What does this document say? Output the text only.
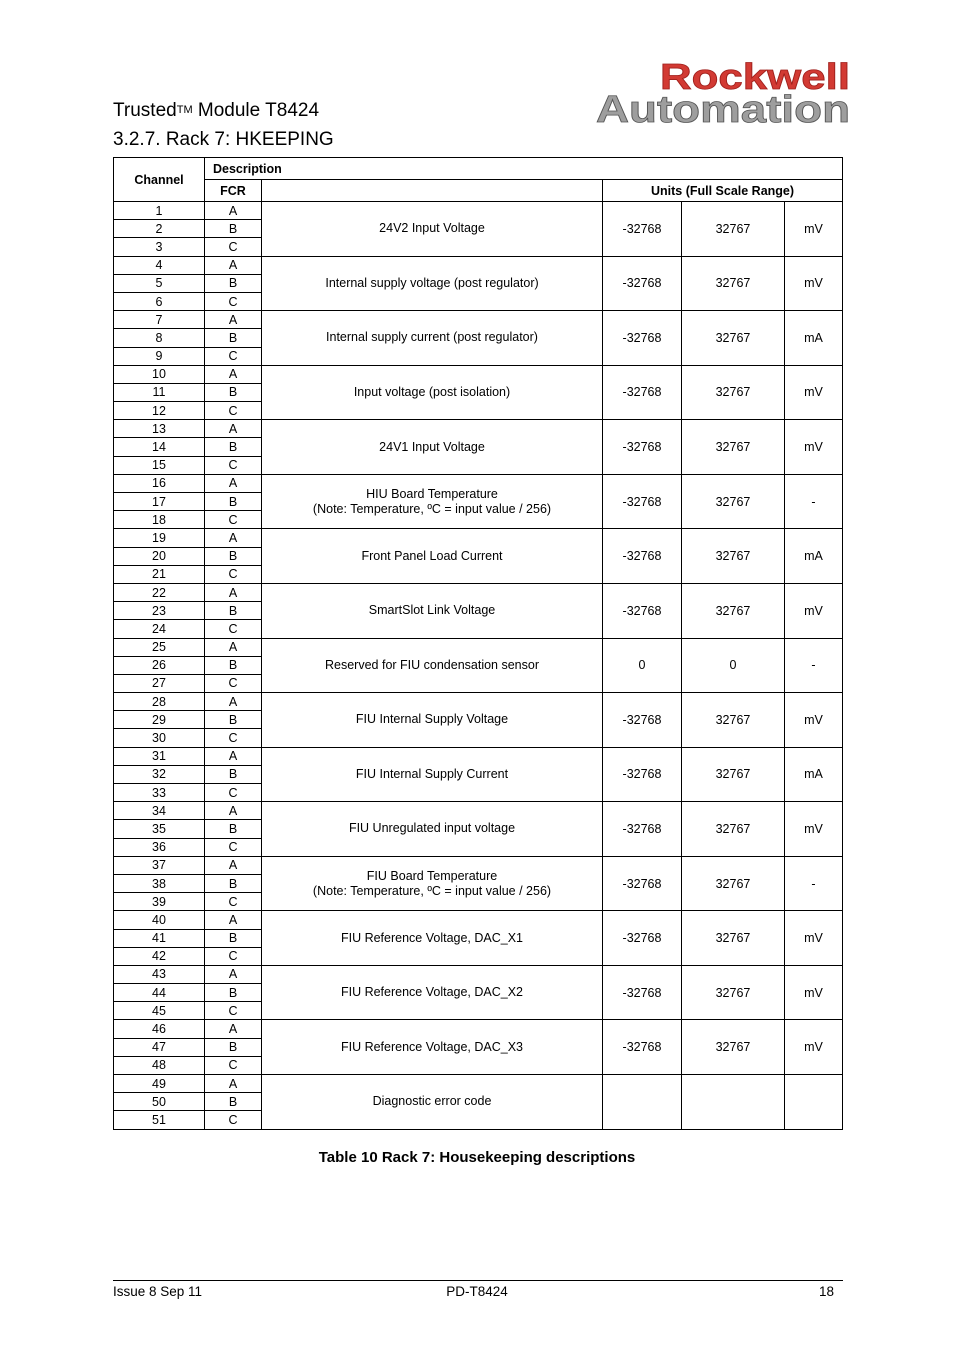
Rockwell
Automation
Trusted™ Module T8424
3.2.7. Rack 7: HKEEPING
Channel	Description				
	FCR		Units (Full Scale Range)		
1	A	24V2 Input Voltage	-32768	32767	mV
2	B				
3	C				
4	A	Internal supply voltage (post regulator)	-32768	32767	mV
5	B				
6	C				
7	A	Internal supply current (post regulator)	-32768	32767	mA
8	B				
9	C				
10	A	Input voltage (post isolation)	-32768	32767	mV
11	B				
12	C				
13	A	24V1 Input Voltage	-32768	32767	mV
14	B				
15	C				
16	A	HIU Board Temperature
(Note: Temperature, ºC = input value / 256)	-32768	32767	-
17	B				
18	C				
19	A	Front Panel Load Current	-32768	32767	mA
20	B				
21	C				
22	A	SmartSlot Link Voltage	-32768	32767	mV
23	B				
24	C				
25	A	Reserved for FIU condensation sensor	0	0	-
26	B				
27	C				
28	A	FIU Internal Supply Voltage	-32768	32767	mV
29	B				
30	C				
31	A	FIU Internal Supply Current	-32768	32767	mA
32	B				
33	C				
34	A	FIU Unregulated input voltage	-32768	32767	mV
35	B				
36	C				
37	A	FIU Board Temperature
(Note: Temperature, ºC = input value / 256)	-32768	32767	-
38	B				
39	C				
40	A	FIU Reference Voltage, DAC_X1	-32768	32767	mV
41	B				
42	C				
43	A	FIU Reference Voltage, DAC_X2	-32768	32767	mV
44	B				
45	C				
46	A	FIU Reference Voltage, DAC_X3	-32768	32767	mV
47	B				
48	C				
49	A	Diagnostic error code			

50	B				
51	C				
Table 10 Rack 7: Housekeeping descriptions
Issue 8 Sep 11	PD-T8424	18
